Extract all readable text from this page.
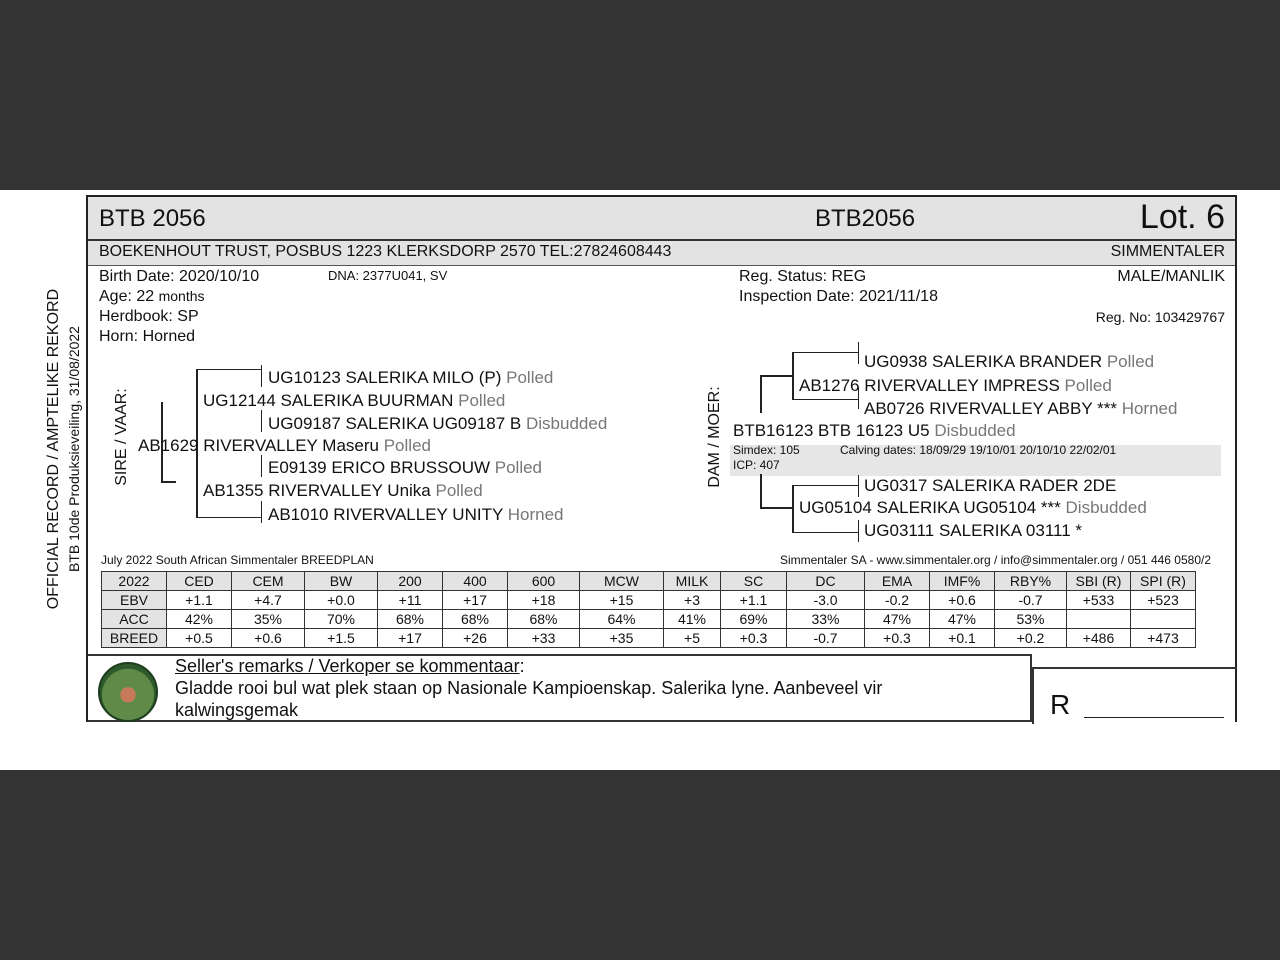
OFFICIAL RECORD / AMPTELIKE REKORD BTB 10de Produksieveiling, 31/08/2022
BTB 2056	BTB2056	Lot. 6
BOEKENHOUT TRUST, POSBUS 1223 KLERKSDORP 2570 TEL:27824608443	SIMMENTALER
Birth Date: 2020/10/10	DNA: 2377U041, SV
Age: 22 months
Herdbook: SP
Horn: Horned
Reg. Status: REG
Inspection Date: 2021/11/18
MALE/MANLIK
Reg. No: 103429767
SIRE / VAAR:
UG10123 SALERIKA MILO (P) Polled
UG12144 SALERIKA BUURMAN Polled
UG09187 SALERIKA UG09187 B Disbudded
AB1629 RIVERVALLEY Maseru Polled
E09139 ERICO BRUSSOUW Polled
AB1355 RIVERVALLEY Unika Polled
AB1010 RIVERVALLEY UNITY Horned
DAM / MOER:
UG0938 SALERIKA BRANDER Polled
AB1276 RIVERVALLEY IMPRESS Polled
AB0726 RIVERVALLEY ABBY *** Horned
BTB16123 BTB 16123 U5 Disbudded
Simdex: 105	Calving dates: 18/09/29 19/10/01 20/10/10 22/02/01
ICP: 407
UG0317 SALERIKA RADER 2DE
UG05104 SALERIKA UG05104 *** Disbudded
UG03111 SALERIKA 03111 *
July 2022 South African Simmentaler BREEDPLAN	Simmentaler SA - www.simmentaler.org / info@simmentaler.org / 051 446 0580/2
2022	CED	CEM	BW	200	400	600	MCW	MILK	SC	DC	EMA	IMF%	RBY%	SBI (R)	SPI (R)
EBV	+1.1	+4.7	+0.0	+11	+17	+18	+15	+3	+1.1	-3.0	-0.2	+0.6	-0.7	+533	+523
ACC	42%	35%	70%	68%	68%	68%	64%	41%	69%	33%	47%	47%	53%		
BREED	+0.5	+0.6	+1.5	+17	+26	+33	+35	+5	+0.3	-0.7	+0.3	+0.1	+0.2	+486	+473
Seller's remarks / Verkoper se kommentaar:
Gladde rooi bul wat plek staan op Nasionale Kampioenskap. Salerika lyne. Aanbeveel vir
kalwingsgemak	R
